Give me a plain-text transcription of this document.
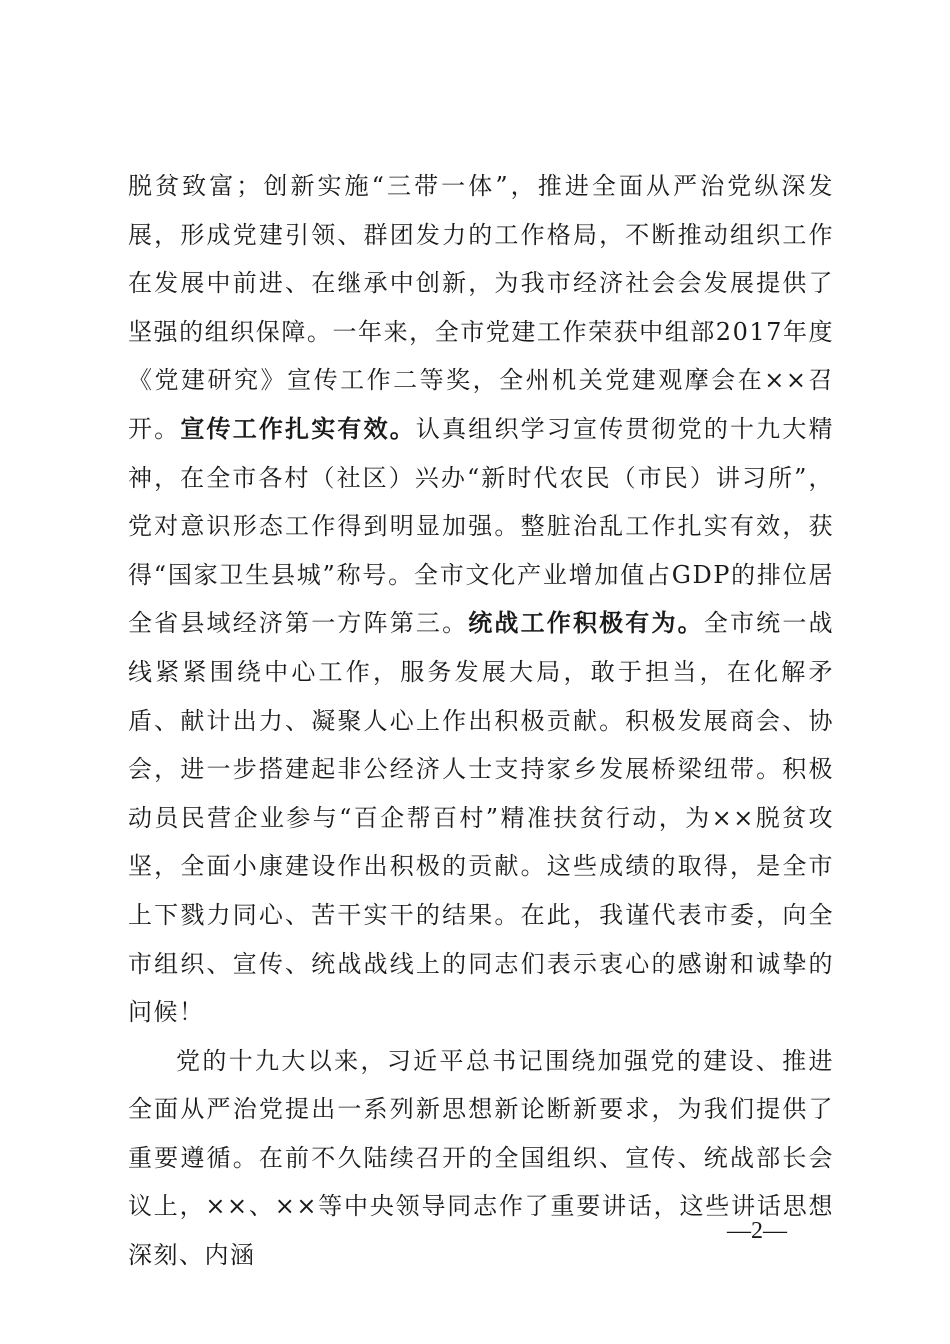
脱贫致富；创新实施“三带一体”，推进全面从严治党纵深发展，形成党建引领、群团发力的工作格局，不断推动组织工作在发展中前进、在继承中创新，为我市经济社会会发展提供了坚强的组织保障。一年来，全市党建工作荣获中组部2017年度《党建研究》宣传工作二等奖，全州机关党建观摩会在××召开。宣传工作扎实有效。认真组织学习宣传贯彻党的十九大精神，在全市各村（社区）兴办“新时代农民（市民）讲习所”，党对意识形态工作得到明显加强。整脏治乱工作扎实有效，获得“国家卫生县城”称号。全市文化产业增加值占GDP的排位居全省县域经济第一方阵第三。统战工作积极有为。全市统一战线紧紧围绕中心工作，服务发展大局，敢于担当，在化解矛盾、献计出力、凝聚人心上作出积极贡献。积极发展商会、协会，进一步搭建起非公经济人士支持家乡发展桥梁纽带。积极动员民营企业参与“百企帮百村”精准扶贫行动，为××脱贫攻坚，全面小康建设作出积极的贡献。这些成绩的取得，是全市上下戮力同心、苦干实干的结果。在此，我谨代表市委，向全市组织、宣传、统战战线上的同志们表示衷心的感谢和诚挚的问候！

党的十九大以来，习近平总书记围绕加强党的建设、推进全面从严治党提出一系列新思想新论断新要求，为我们提供了重要遵循。在前不久陆续召开的全国组织、宣传、统战部长会议上，××、××等中央领导同志作了重要讲话，这些讲话思想深刻、内涵

—2—
